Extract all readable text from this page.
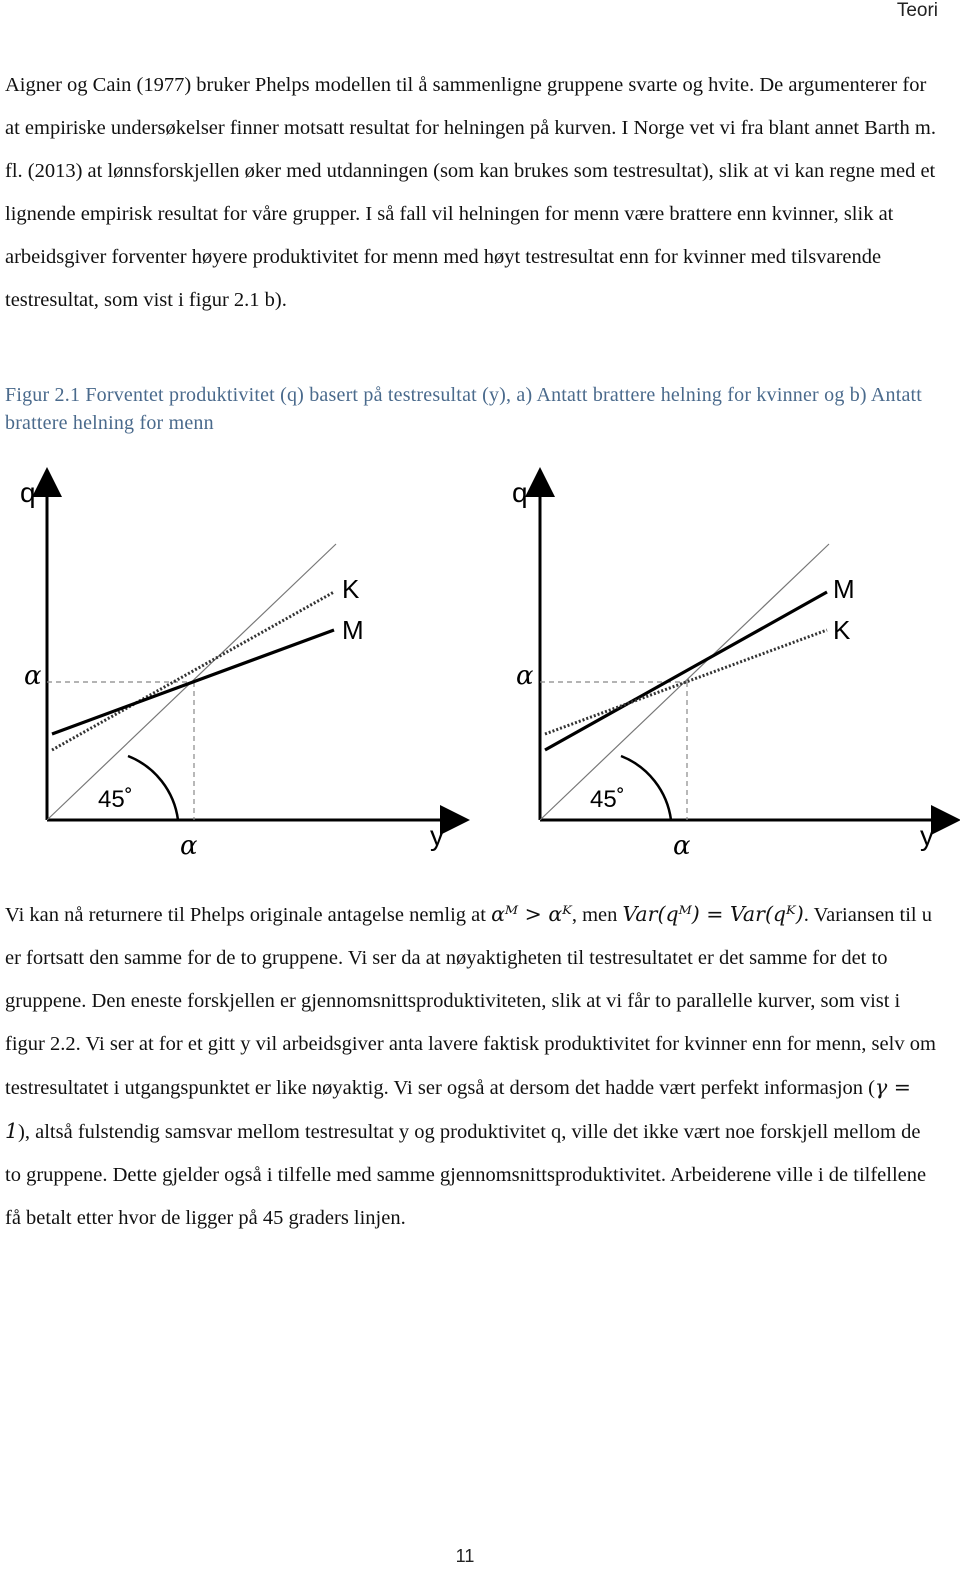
Teori

Aigner og Cain (1977) bruker Phelps modellen til å sammenligne gruppene svarte og hvite. De argumenterer for at empiriske undersøkelser finner motsatt resultat for helningen på kurven. I Norge vet vi fra blant annet Barth m. fl. (2013) at lønnsforskjellen øker med utdanningen (som kan brukes som testresultat), slik at vi kan regne med et lignende empirisk resultat for våre grupper. I så fall vil helningen for menn være brattere enn kvinner, slik at arbeidsgiver forventer høyere produktivitet for menn med høyt testresultat enn for kvinner med tilsvarende testresultat, som vist i figur 2.1 b).

Figur 2.1 Forventet produktivitet (q) basert på testresultat (y), a) Antatt brattere helning for kvinner og b) Antatt brattere helning for menn

q
y
α
α
45˚
K
M
q
y
α
α
45˚
M
K

Vi kan nå returnere til Phelps originale antagelse nemlig at αᴹ > αᴷ, men Var(qᴹ) = Var(qᴷ). Variansen til u er fortsatt den samme for de to gruppene. Vi ser da at nøyaktigheten til testresultatet er det samme for det to gruppene. Den eneste forskjellen er gjennomsnittsproduktiviteten, slik at vi får to parallelle kurver, som vist i figur 2.2. Vi ser at for et gitt y vil arbeidsgiver anta lavere faktisk produktivitet for kvinner enn for menn, selv om testresultatet i utgangspunktet er like nøyaktig. Vi ser også at dersom det hadde vært perfekt informasjon (γ = 1), altså fulstendig samsvar mellom testresultat y og produktivitet q, ville det ikke vært noe forskjell mellom de to gruppene. Dette gjelder også i tilfelle med samme gjennomsnittsproduktivitet. Arbeiderene ville i de tilfellene få betalt etter hvor de ligger på 45 graders linjen.

11
